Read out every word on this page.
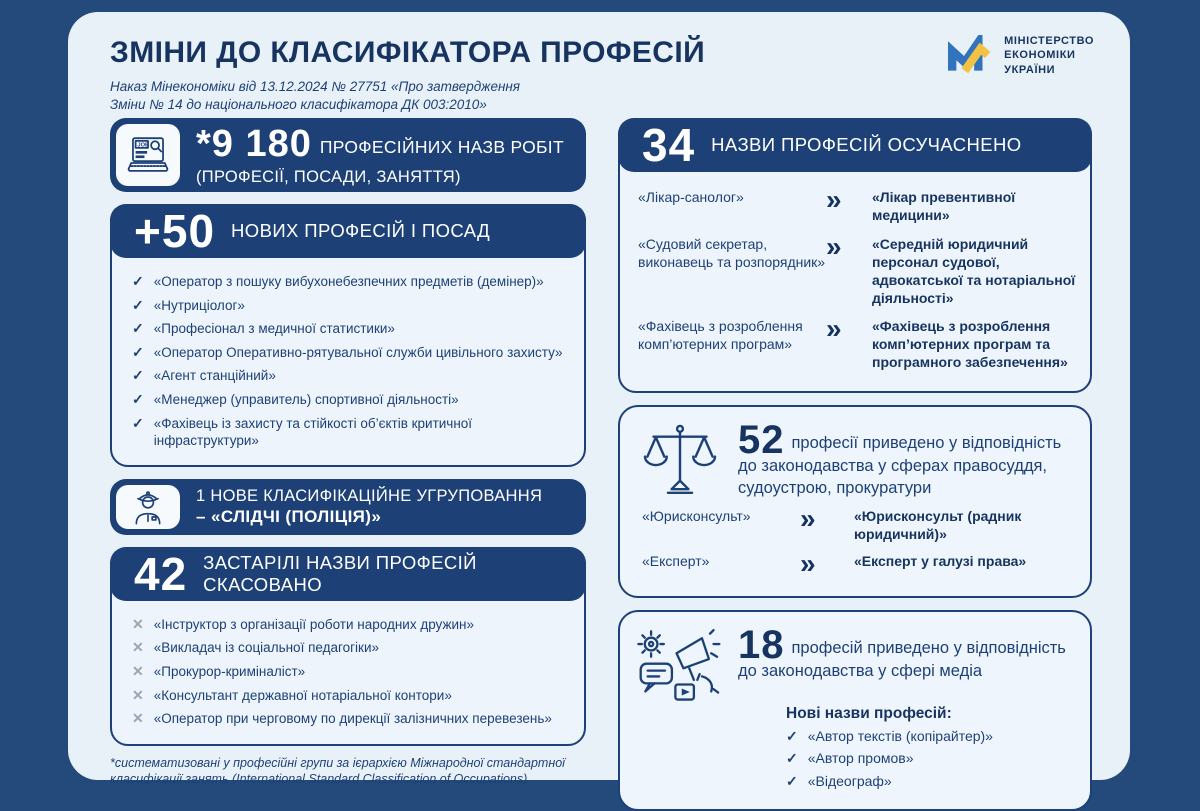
ЗМІНИ ДО КЛАСИФІКАТОРА ПРОФЕСІЙ
Наказ Мінекономіки від 13.12.2024 № 27751 «Про затвердження
Зміни № 14 до національного класифікатора ДК 003:2010»
МІНІСТЕРСТВО
ЕКОНОМІКИ
УКРАЇНИ
JOB *9 180 ПРОФЕСІЙНИХ НАЗВ РОБІТ
(ПРОФЕСІЇ, ПОСАДИ, ЗАНЯТТЯ)
+50 НОВИХ ПРОФЕСІЙ І ПОСАД
✓ «Оператор з пошуку вибухонебезпечних предметів (демінер)»
✓ «Нутриціолог»
✓ «Професіонал з медичної статистики»
✓ «Оператор Оперативно-рятувальної служби цивільного захисту»
✓ «Агент станційний»
✓ «Менеджер (управитель) спортивної діяльності»
✓ «Фахівець із захисту та стійкості об’єктів критичної інфраструктури»
1 НОВЕ КЛАСИФІКАЦІЙНЕ УГРУПОВАННЯ
– «СЛІДЧІ (ПОЛІЦІЯ)»
42 ЗАСТАРІЛІ НАЗВИ ПРОФЕСІЙ
СКАСОВАНО
✕ «Інструктор з організації роботи народних дружин»
✕ «Викладач із соціальної педагогіки»
✕ «Прокурор-криміналіст»
✕ «Консультант державної нотаріальної контори»
✕ «Оператор при черговому по дирекції залізничних перевезень»
*систематизовані у професійні групи за ієрархією Міжнародної стандартної
класифікації занять (International Standard Classification of Occupations)
34 НАЗВИ ПРОФЕСІЙ ОСУЧАСНЕНО
«Лікар-санолог»	»	«Лікар превентивної медицини»
«Судовий секретар, виконавець та розпорядник» »	«Середній юридичний персонал судової, адвокатської та нотаріальної діяльності»
«Фахівець з розроблення комп’ютерних програм»	»	«Фахівець з розроблення комп’ютерних програм та програмного забезпечення»
52 професії приведено у відповідність до законодавства у сферах правосуддя, судоустрою, прокуратури
«Юрисконсульт»	»	«Юрисконсульт (радник юридичний)»
«Експерт»	»	«Експерт у галузі права»
18 професій приведено у відповідність до законодавства у сфері медіа
Нові назви професій:
✓ «Автор текстів (копірайтер)»
✓ «Автор промов»
✓ «Відеограф»
